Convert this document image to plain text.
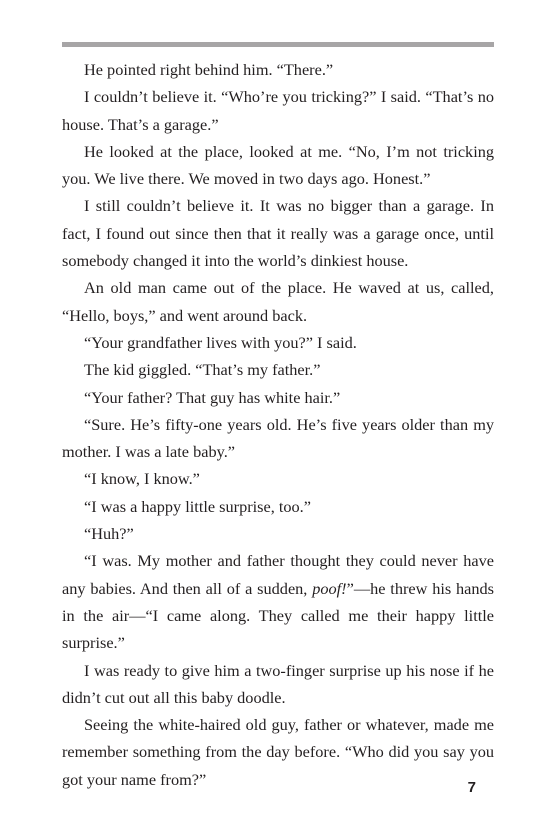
He pointed right behind him. “There.”

I couldn’t believe it. “Who’re you tricking?” I said. “That’s no house. That’s a garage.”

He looked at the place, looked at me. “No, I’m not tricking you. We live there. We moved in two days ago. Honest.”

I still couldn’t believe it. It was no bigger than a garage. In fact, I found out since then that it really was a garage once, until somebody changed it into the world’s dinkiest house.

An old man came out of the place. He waved at us, called, “Hello, boys,” and went around back.

“Your grandfather lives with you?” I said.

The kid giggled. “That’s my father.”

“Your father? That guy has white hair.”

“Sure. He’s fifty-one years old. He’s five years older than my mother. I was a late baby.”

“I know, I know.”

“I was a happy little surprise, too.”

“Huh?”

“I was. My mother and father thought they could never have any babies. And then all of a sudden, poof!”—he threw his hands in the air—“I came along. They called me their happy little surprise.”

I was ready to give him a two-finger surprise up his nose if he didn’t cut out all this baby doodle.

Seeing the white-haired old guy, father or whatever, made me remember something from the day before. “Who did you say you got your name from?”	7
